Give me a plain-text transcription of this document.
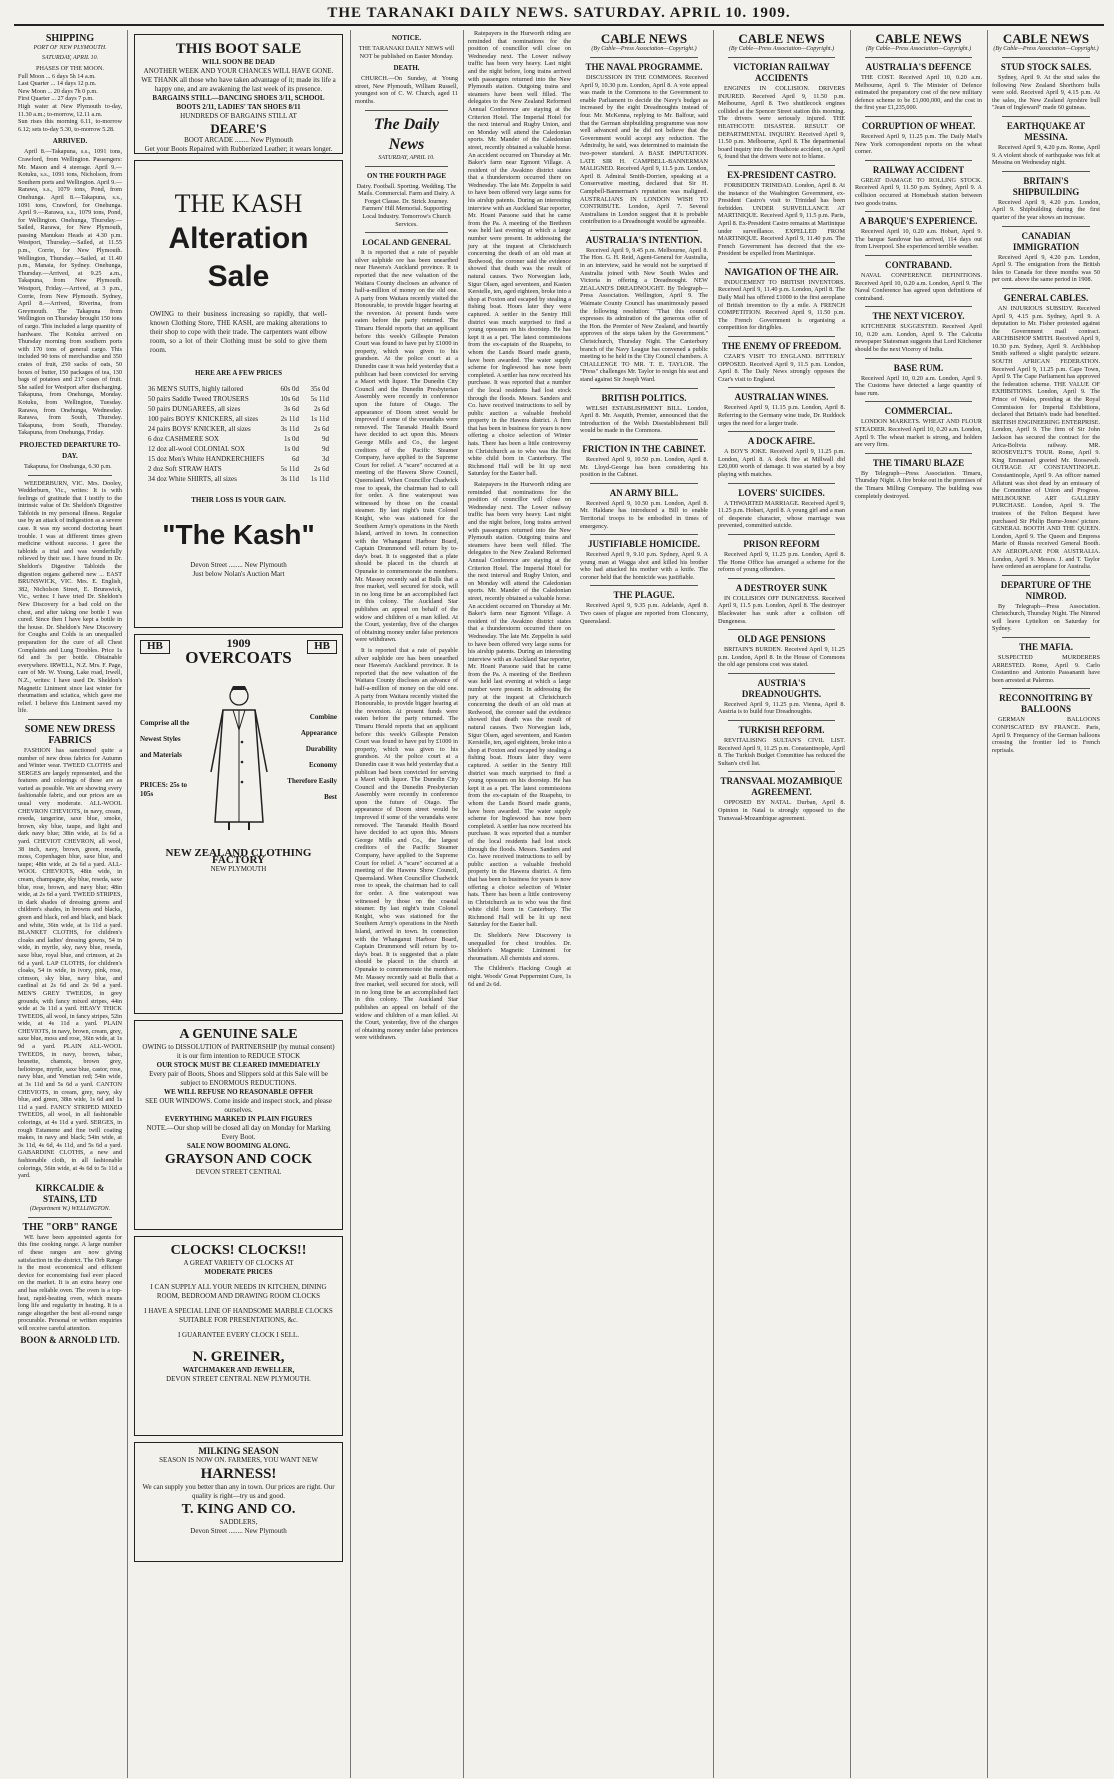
THE TARANAKI DAILY NEWS. SATURDAY. APRIL 10. 1909.
SHIPPING
PORT OF NEW PLYMOUTH.
SATURDAY, APRIL 10.
PHASES OF THE MOON.
Full Moon ... 6 days 5h 14 a.m.
Last Quarter ... 14 days 12 p.m.
New Moon ... 20 days 7h 0 p.m.
First Quarter ... 27 days 7 p.m.
High water at New Plymouth to-day, 11.30 a.m.; to-morrow, 12.11 a.m.
Sun rises this morning 6.11, to-morrow 6.12; sets to-day 5.30, to-morrow 5.28.
ARRIVED.

April 8.—Takapuna, s.s., 1091 tons, Crawford, from Wellington. Passengers: Mr. Mason and 4 steerage. April 9.—Kotuku, s.s., 1091 tons, Nicholson, from Southern ports and Wellington. April 9.—Rarawa, s.s., 1079 tons, Pond, from Onehunga. April 8.—Takapuna, s.s., 1091 tons, Crawford, for Onehunga. April 9.—Rarawa, s.s., 1079 tons, Pond, for Wellington. Onehunga, Thursday.—Sailed, Rarawa, for New Plymouth, passing Manukau Heads at 4.30 p.m. Westport, Thursday.—Sailed, at 11.55 p.m., Corrie, for New Plymouth. Wellington, Thursday.—Sailed, at 11.40 p.m., Manaia, for Sydney. Onehunga, Thursday.—Arrived, at 9.25 a.m., Takapuna, from New Plymouth. Westport, Friday.—Arrived, at 3 p.m., Corrie, from New Plymouth. Sydney, April 8.—Arrived, Riverina, from Greymouth. The Takapuna from Wellington on Thursday brought 150 tons of cargo. This included a large quantity of hardware. The Kotuku arrived on Thursday morning from southern ports with 170 tons of general cargo. This included 90 tons of merchandise and 350 crates of fruit, 250 sacks of oats, 50 boxes of butter, 150 packages of tea, 130 bags of potatoes and 217 cases of fruit. She sailed for Westport after discharging. Takapuna, from Onehunga, Monday. Kotuku, from Wellington, Tuesday. Rarawa, from Onehunga, Wednesday. Rarawa, from South, Thursday. Takapuna, from South, Thursday. Takapuna, from Onehunga, Friday.

PROJECTED DEPARTURE TO-DAY.

Takapuna, for Onehunga, 6.30 p.m.

WEEDERBURN, VIC. Mrs. Dooley, Wedderburn, Vic., writes: It is with feelings of gratitude that I testify to the intrinsic value of Dr. Sheldon's Digestive Tabloids in my personal illness. Regular use by an attack of indigestion as a severe case. It was my second doctoring heart trouble. I was at different times given medicine without success. I gave the tabloids a trial and was wonderfully relieved by their use. I have found in Dr. Sheldon's Digestive Tabloids the digestion organs gathered new ... EAST BRUNSWICK, VIC. Mrs. E. English, 382, Nicholson Street, E. Brunswick, Vic., writes: I have tried Dr. Sheldon's New Discovery for a bad cold on the chest, and after taking one bottle I was cured. Since then I have kept a bottle in the house. Dr. Sheldon's New Discovery for Coughs and Colds is an unequalled preparation for the cure of all Chest Complaints and Lung Troubles. Price 1s 6d and 3s per bottle. Obtainable everywhere. IRWELL, N.Z. Mrs. F. Page, care of Mr. W. Young, Lake road, Irwell, N.Z., writes: I have used Dr. Sheldon's Magnetic Liniment since last winter for rheumatism and sciatica, which gave me relief. I believe this Liniment saved my life.

SOME NEW DRESS FABRICS

FASHION has sanctioned quite a number of new dress fabrics for Autumn and Winter wear. TWEED CLOTHS and SERGES are largely represented, and the features and colorings of these are as varied as possible. We are showing every fashionable fabric, and our prices are as usual very moderate. ALL-WOOL CHEVRON CHEVIOTS, in navy, cream, reseda, tangerine, saxe blue, smoke, brown, sky blue, taupe, and light and dark navy blue; 38in wide, at 1s 6d a yard. CHEVIOT CHEVRON, all wool, 38 inch, navy, brown, green, reseda, moss, Copenhagen blue, saxe blue, and taupe; 48in wide, at 2s 6d a yard. ALL-WOOL CHEVIOTS, 48in wide, in cream, champagne, sky blue, reseda, saxe blue, rose, brown, and navy blue; 48in wide, at 2s 6d a yard. TWEED STRIPES, in dark shades of dressing greens and children's shades, in browns and blacks, green and black, red and black, and black and white, 36in wide, at 1s 11d a yard. BLANKET CLOTHS, for children's cloaks and ladies' dressing gowns, 54 in wide, in myrtle, sky, navy blue, reseda, saxe blue, royal blue, and crimson, at 2s 6d a yard. LAP CLOTHS, for children's cloaks, 54 in wide, in ivory, pink, rose, crimson, sky blue, navy blue, and cardinal at 2s 6d and 2s 9d a yard. MEN'S GREY TWEEDS, in grey grounds, with fancy mixed stripes, 44in wide at 3s 11d a yard. HEAVY THICK TWEEDS, all wool, in fancy stripes, 52in wide, at 4s 11d a yard. PLAIN CHEVIOTS, in navy, brown, cream, grey, saxe blue, moss and rose, 36in wide, at 1s 9d a yard. PLAIN ALL-WOOL TWEEDS, in navy, brown, tabac, brunette, chamois, brown grey, heliotrope, myrtle, saxe blue, castor, rose, navy blue, and Venetian red; 54in wide, at 3s 11d and 5s 6d a yard. CANTON CHEVIOTS, in cream, grey, navy, sky blue, and green, 38in wide, 1s 6d and 1s 11d a yard. FANCY STRIPED MIXED TWEEDS, all wool, in all fashionable colorings, at 4s 11d a yard. SERGES, in rough Estamene and fine twill coating makes, in navy and black; 54in wide, at 3s 11d, 4s 6d, 4s 11d, and 5s 6d a yard. GABARDINE CLOTHS, a new and fashionable cloth, in all fashionable colorings, 56in wide, at 4s 6d to 5s 11d a yard.

KIRKCALDIE & STAINS, LTD
(Department W.) WELLINGTON.
THE "ORB" RANGE

WE have been appointed agents for this fine cooking range. A large number of these ranges are now giving satisfaction in the district. The Orb Range is the most economical and efficient device for economising fuel ever placed on the market. It is an extra heavy one and has reliable oven. The oven is a top-heat, rapid-heating oven, which means long life and regularity in heating. It is a range altogether the best all-round range procurable. Personal or written enquiries will receive careful attention.

BOON & ARNOLD LTD.
THIS BOOT SALE
WILL SOON BE DEAD
ANOTHER WEEK AND YOUR CHANCES WILL HAVE GONE.
WE THANK all those who have taken advantage of it; made its life a happy one, and are awakening the last week of its presence.
BARGAINS STILL—DANCING SHOES 3/11, SCHOOL BOOTS 2/11, LADIES' TAN SHOES 8/11
HUNDREDS OF BARGAINS STILL AT
DEARE'S
BOOT ARCADE ........ New Plymouth
Get your Boots Repaired with Rubberized Leather; it wears longer.
THE KASH
Alteration Sale
OWING to their business increasing so rapidly, that well-known Clothing Store, THE KASH, are making alterations to their shop to cope with their trade. The carpenters want elbow room, so a lot of their Clothing must be sold to give them room.
HERE ARE A FEW PRICES
36 MEN'S SUITS, highly tailored	60s 0d	35s 0d
50 pairs Saddle Tweed TROUSERS	10s 6d	5s 11d
50 pairs DUNGAREES, all sizes	3s 6d	2s 6d
100 pairs BOYS' KNICKERS, all sizes	2s 11d	1s 11d
24 pairs BOYS' KNICKER, all sizes	3s 11d	2s 6d
6 doz CASHMERE SOX	1s 0d	9d
12 doz all-wool COLONIAL SOX	1s 0d	9d
15 doz Men's White HANDKERCHIEFS	6d	3d
2 doz Soft STRAW HATS	5s 11d	2s 6d
34 doz White SHIRTS, all sizes	3s 11d	1s 11d
THEIR LOSS IS YOUR GAIN.
"The Kash"
Devon Street ........ New Plymouth
Just below Nolan's Auction Mart
HB	1909
OVERCOATS
HB
Comprise all the Newest Styles and Materials
PRICES: 25s to 105s
Combine Appearance Durability Economy Therefore Easily Best
NEW ZEALAND CLOTHING FACTORY
NEW PLYMOUTH
A GENUINE SALE
OWING to DISSOLUTION of PARTNERSHIP (by mutual consent) it is our firm intention to REDUCE STOCK
OUR STOCK MUST BE CLEARED IMMEDIATELY
Every pair of Boots, Shoes and Slippers sold at this Sale will be subject to ENORMOUS REDUCTIONS.
WE WILL REFUSE NO REASONABLE OFFER
SEE OUR WINDOWS. Come inside and inspect stock, and please ourselves.
EVERYTHING MARKED IN PLAIN FIGURES
NOTE.—Our shop will be closed all day on Monday for Marking Every Boot.
SALE NOW BOOMING ALONG.
GRAYSON AND COCK
DEVON STREET CENTRAL
CLOCKS! CLOCKS!!
A GREAT VARIETY OF CLOCKS AT
MODERATE PRICES
I CAN SUPPLY ALL YOUR NEEDS IN KITCHEN, DINING ROOM, BEDROOM AND DRAWING ROOM CLOCKS
I HAVE A SPECIAL LINE OF HANDSOME MARBLE CLOCKS SUITABLE FOR PRESENTATIONS, &c.
I GUARANTEE EVERY CLOCK I SELL.
N. GREINER,
WATCHMAKER AND JEWELLER,
DEVON STREET CENTRAL NEW PLYMOUTH.
MILKING SEASON
SEASON IS NOW ON. FARMERS, YOU WANT NEW
HARNESS!
We can supply you better than any in town. Our prices are right. Our quality is right—try us and good.
T. KING AND CO.
SADDLERS,
Devon Street ........ New Plymouth
NOTICE.

THE TARANAKI DAILY NEWS will NOT be published on Easter Monday.

DEATH.

CHURCH.—On Sunday, at Young street, New Plymouth, William Russell, youngest son of C. W. Church, aged 11 months.

The Daily News
SATURDAY, APRIL 10.
ON THE FOURTH PAGE

Dairy. Football. Sporting. Wedding. The Mails. Commercial. Farm and Dairy. A Forget Clause. Dr. Strick Journey. Farmers' Hill Memorial. Supporting Local Industry. Tomorrow's Church Services.

LOCAL AND GENERAL

It is reported that a rate of payable silver sulphide ore has been unearthed near Hawera's Auckland province. It is reported that the new valuation of the Waitara County discloses an advance of half-a-million of money on the old one. A party from Waitara recently visited the Honourable, to provide bigger hearing at the reversion. At present funds were eaten before the party returned. The Timaru Herald reports that an applicant before this week's Gillespie Pension Court was found to have put by £1000 in property, which was given to his grandson. At the police court at a Dunedin case it was held yesterday that a publican had been convicted for serving a Maori with liquor. The Dunedin City Council and the Dunedin Presbyterian Assembly were recently in conference upon the future of Otago. The appearance of Doom street would be improved if some of the verandahs were removed. The Taranaki Health Board have decided to act upon this. Messrs George Mills and Co., the largest creditors of the Pacific Steamer Company, have applied to the Supreme Court for relief. A "scare" occurred at a meeting of the Hawera Show Council, Queensland. When Councillor Chadwick rose to speak, the chairman had to call for order. A fine waterspout was witnessed by those on the coastal steamer. By last night's train Colonel Knight, who was stationed for the Southern Army's operations in the North Island, arrived in town. In connection with the Whanganui Harbour Board, Captain Drummond will return by to-day's boat. It is suggested that a plate should be placed in the church at Opunake to commemorate the members. Mr. Massey recently said at Bulls that a free market, well secured for stock, will in no long time be an accomplished fact in this colony. The Auckland Star publishes an appeal on behalf of the widow and children of a man killed. At the Court, yesterday, five of the charges of obtaining money under false pretences were withdrawn.

It is reported that a rate of payable silver sulphide ore has been unearthed near Hawera's Auckland province. It is reported that the new valuation of the Waitara County discloses an advance of half-a-million of money on the old one. A party from Waitara recently visited the Honourable, to provide bigger hearing at the reversion. At present funds were eaten before the party returned. The Timaru Herald reports that an applicant before this week's Gillespie Pension Court was found to have put by £1000 in property, which was given to his grandson. At the police court at a Dunedin case it was held yesterday that a publican had been convicted for serving a Maori with liquor. The Dunedin City Council and the Dunedin Presbyterian Assembly were recently in conference upon the future of Otago. The appearance of Doom street would be improved if some of the verandahs were removed. The Taranaki Health Board have decided to act upon this. Messrs George Mills and Co., the largest creditors of the Pacific Steamer Company, have applied to the Supreme Court for relief. A "scare" occurred at a meeting of the Hawera Show Council, Queensland. When Councillor Chadwick rose to speak, the chairman had to call for order. A fine waterspout was witnessed by those on the coastal steamer. By last night's train Colonel Knight, who was stationed for the Southern Army's operations in the North Island, arrived in town. In connection with the Whanganui Harbour Board, Captain Drummond will return by to-day's boat. It is suggested that a plate should be placed in the church at Opunake to commemorate the members. Mr. Massey recently said at Bulls that a free market, well secured for stock, will in no long time be an accomplished fact in this colony. The Auckland Star publishes an appeal on behalf of the widow and children of a man killed. At the Court, yesterday, five of the charges of obtaining money under false pretences were withdrawn.

Ratepayers in the Hurworth riding are reminded that nominations for the position of councillor will close on Wednesday next. The Lower railway traffic has been very heavy. Last night and the night before, long trains arrived with passengers returned into the New Plymouth station. Outgoing trains and steamers have been well filled. The delegates to the New Zealand Reformed Annual Conference are staying at the Criterion Hotel. The Imperial Hotel for the next interval and Rugby Union, and on Monday will attend the Caledonian sports. Mr. Mander of the Caledonian street, recently obtained a valuable horse. An accident occurred on Thursday at Mr. Baker's farm near Egmont Village. A resident of the Awakino district states that a thunderstorm occurred there on Wednesday. The late Mr. Zeppelin is said to have been offered very large sums for his airship patents. During an interesting interview with an Auckland Star reporter, Mr. Hoani Paraone said that he came from the Pa. A meeting of the Brethren was held last evening at which a large number were present. In addressing the jury at the inquest at Christchurch concerning the death of an old man at Redwood, the coroner said the evidence showed that death was the result of natural causes. Two Norwegian lads, Sigur Olsen, aged seventeen, and Kasten Kerstelle, ten, aged eighteen, broke into a shop at Foxton and escaped by stealing a fishing boat. Hours later they were captured. A settler in the Sentry Hill district was much surprised to find a young opossum on his doorstep. He has kept it as a pet. The latest commissions from the ex-captain of the Ruapehu, to whom the Lands Board made grants, have been awarded. The water supply scheme for Inglewood has now been completed. A settler has now received his purchase. It was reported that a number of the local residents had lost stock through the floods. Messrs. Sanders and Co. have received instructions to sell by public auction a valuable freehold property in the Hawera district. A firm that has been in business for years is now offering a choice selection of Winter hats. There has been a little controversy in Christchurch as to who was the first white child born in Canterbury. The Richmond Hall will be lit up next Saturday for the Easter ball.

Ratepayers in the Hurworth riding are reminded that nominations for the position of councillor will close on Wednesday next. The Lower railway traffic has been very heavy. Last night and the night before, long trains arrived with passengers returned into the New Plymouth station. Outgoing trains and steamers have been well filled. The delegates to the New Zealand Reformed Annual Conference are staying at the Criterion Hotel. The Imperial Hotel for the next interval and Rugby Union, and on Monday will attend the Caledonian sports. Mr. Mander of the Caledonian street, recently obtained a valuable horse. An accident occurred on Thursday at Mr. Baker's farm near Egmont Village. A resident of the Awakino district states that a thunderstorm occurred there on Wednesday. The late Mr. Zeppelin is said to have been offered very large sums for his airship patents. During an interesting interview with an Auckland Star reporter, Mr. Hoani Paraone said that he came from the Pa. A meeting of the Brethren was held last evening at which a large number were present. In addressing the jury at the inquest at Christchurch concerning the death of an old man at Redwood, the coroner said the evidence showed that death was the result of natural causes. Two Norwegian lads, Sigur Olsen, aged seventeen, and Kasten Kerstelle, ten, aged eighteen, broke into a shop at Foxton and escaped by stealing a fishing boat. Hours later they were captured. A settler in the Sentry Hill district was much surprised to find a young opossum on his doorstep. He has kept it as a pet. The latest commissions from the ex-captain of the Ruapehu, to whom the Lands Board made grants, have been awarded. The water supply scheme for Inglewood has now been completed. A settler has now received his purchase. It was reported that a number of the local residents had lost stock through the floods. Messrs. Sanders and Co. have received instructions to sell by public auction a valuable freehold property in the Hawera district. A firm that has been in business for years is now offering a choice selection of Winter hats. There has been a little controversy in Christchurch as to who was the first white child born in Canterbury. The Richmond Hall will be lit up next Saturday for the Easter ball.

Dr. Sheldon's New Discovery is unequalled for chest troubles. Dr. Sheldon's Magnetic Liniment for rheumatism. All chemists and stores.

The Children's Hacking Cough at night. Woods' Great Peppermint Cure, 1s 6d and 2s 6d.

CABLE NEWS
(By Cable—Press Association—Copyright.)
THE NAVAL PROGRAMME.

DISCUSSION IN THE COMMONS. Received April 9, 10.30 p.m. London, April 8. A vote appeal was made in the Commons to the Government to enable Parliament to decide the Navy's budget as increased by the eight Dreadnoughts instead of four. Mr. McKenna, replying to Mr. Balfour, said that the German shipbuilding programme was now well advanced and he did not believe that the Government would accept any reduction. The Admiralty, he said, was determined to maintain the two-power standard. A BASE IMPUTATION. LATE SIR H. CAMPBELL-BANNERMAN MALIGNED. Received April 9, 11.5 p.m. London, April 8. Admiral Smith-Dorrien, speaking at a Conservative meeting, declared that Sir H. Campbell-Bannerman's reputation was maligned. AUSTRALIANS IN LONDON WISH TO CONTRIBUTE. London, April 7. Several Australians in London suggest that it is probable contribution to a Dreadnought would be agreeable.

AUSTRALIA'S INTENTION.

Received April 9, 9.45 p.m. Melbourne, April 8. The Hon. G. H. Reid, Agent-General for Australia, in an interview, said he would not be surprised if Australia joined with New South Wales and Victoria in offering a Dreadnought. NEW ZEALAND'S DREADNOUGHT. By Telegraph—Press Association. Wellington, April 9. The Waimate County Council has unanimously passed the following resolution: "That this council expresses its admiration of the generous offer of the Hon. the Premier of New Zealand, and heartily approves of the steps taken by the Government." Christchurch, Thursday Night. The Canterbury branch of the Navy League has convened a public meeting to be held in the City Council chambers. A CHALLENGE TO MR. T. E. TAYLOR. The "Press" challenges Mr. Taylor to resign his seat and stand against Sir Joseph Ward.

BRITISH POLITICS.

WELSH ESTABLISHMENT BILL. London, April 8. Mr. Asquith, Premier, announced that the introduction of the Welsh Disestablishment Bill would be made in the Commons.

FRICTION IN THE CABINET.

Received April 9, 10.50 p.m. London, April 8. Mr. Lloyd-George has been considering his position in the Cabinet.

AN ARMY BILL.

Received April 9, 10.50 p.m. London, April 8. Mr. Haldane has introduced a Bill to enable Territorial troops to be embodied in times of emergency.

JUSTIFIABLE HOMICIDE.

Received April 9, 9.10 p.m. Sydney, April 9. A young man at Wagga shot and killed his brother who had attacked his mother with a knife. The coroner held that the homicide was justifiable.

THE PLAGUE.

Received April 9, 9.35 p.m. Adelaide, April 8. Two cases of plague are reported from Cloncurry, Queensland.

CABLE NEWS
(By Cable—Press Association—Copyright.)
VICTORIAN RAILWAY ACCIDENTS

ENGINES IN COLLISION. DRIVERS INJURED. Received April 9, 11.50 p.m. Melbourne, April 8. Two shuttlecock engines collided at the Spencer Street station this morning. The drivers were seriously injured. THE HEATHCOTE DISASTER. RESULT OF DEPARTMENTAL INQUIRY. Received April 9, 11.50 p.m. Melbourne, April 8. The departmental board inquiry into the Heathcote accident, on April 6, found that the drivers were not to blame.

EX-PRESIDENT CASTRO.

FORBIDDEN TRINIDAD. London, April 8. At the instance of the Washington Government, ex-President Castro's visit to Trinidad has been forbidden. UNDER SURVEILLANCE AT MARTINIQUE. Received April 9, 11.5 p.m. Paris, April 8. Ex-President Castro remains at Martinique under surveillance. EXPELLED FROM MARTINIQUE. Received April 9, 11.40 p.m. The French Government has decreed that the ex-President be expelled from Martinique.

NAVIGATION OF THE AIR.

INDUCEMENT TO BRITISH INVENTORS. Received April 9, 11.40 p.m. London, April 8. The Daily Mail has offered £1000 to the first aeroplane of British invention to fly a mile. A FRENCH COMPETITION. Received April 9, 11.50 p.m. The French Government is organising a competition for dirigibles.

THE ENEMY OF FREEDOM.

CZAR'S VISIT TO ENGLAND. BITTERLY OPPOSED. Received April 9, 11.5 p.m. London, April 8. The Daily News strongly opposes the Czar's visit to England.

AUSTRALIAN WINES.

Received April 9, 11.15 p.m. London, April 8. Referring to the Germany wine trade, Dr. Ruddock urges the need for a larger trade.

A DOCK AFIRE.

A BOY'S JOKE. Received April 9, 11.25 p.m. London, April 8. A dock fire at Millwall did £20,000 worth of damage. It was started by a boy playing with matches.

LOVERS' SUICIDES.

A THWARTED MARRIAGE. Received April 9, 11.25 p.m. Hobart, April 8. A young girl and a man of desperate character, whose marriage was prevented, committed suicide.

PRISON REFORM

Received April 9, 11.25 p.m. London, April 8. The Home Office has arranged a scheme for the reform of young offenders.

A DESTROYER SUNK

IN COLLISION OFF DUNGENESS. Received April 9, 11.5 p.m. London, April 8. The destroyer Blackwater has sunk after a collision off Dungeness.

OLD AGE PENSIONS

BRITAIN'S BURDEN. Received April 9, 11.25 p.m. London, April 8. In the House of Commons the old age pensions cost was stated.

AUSTRIA'S DREADNOUGHTS.

Received April 9, 11.25 p.m. Vienna, April 8. Austria is to build four Dreadnoughts.

TURKISH REFORM.

REVITALISING SULTAN'S CIVIL LIST. Received April 9, 11.25 p.m. Constantinople, April 8. The Turkish Budget Committee has reduced the Sultan's civil list.

TRANSVAAL MOZAMBIQUE AGREEMENT.

OPPOSED BY NATAL. Durban, April 8. Opinion in Natal is strongly opposed to the Transvaal-Mozambique agreement.

CABLE NEWS
(By Cable—Press Association—Copyright.)
AUSTRALIA'S DEFENCE

THE COST. Received April 10, 0.20 a.m. Melbourne, April 9. The Minister of Defence estimated the preparatory cost of the new military defence scheme to be £1,000,000, and the cost in the first year £1,235,000.

CORRUPTION OF WHEAT.

Received April 9, 11.25 p.m. The Daily Mail's New York correspondent reports on the wheat corner.

RAILWAY ACCIDENT

GREAT DAMAGE TO ROLLING STOCK. Received April 9, 11.50 p.m. Sydney, April 9. A collision occurred at Homebush station between two goods trains.

A BARQUE'S EXPERIENCE.

Received April 10, 0.20 a.m. Hobart, April 9. The barque Sandovar has arrived, 114 days out from Liverpool. She experienced terrible weather.

CONTRABAND.

NAVAL CONFERENCE DEFINITIONS. Received April 10, 0.20 a.m. London, April 9. The Naval Conference has agreed upon definitions of contraband.

THE NEXT VICEROY.

KITCHENER SUGGESTED. Received April 10, 0.20 a.m. London, April 9. The Calcutta newspaper Statesman suggests that Lord Kitchener should be the next Viceroy of India.

BASE RUM.

Received April 10, 0.20 a.m. London, April 9. The Customs have detected a large quantity of base rum.

COMMERCIAL.

LONDON MARKETS. WHEAT AND FLOUR STEADIER. Received April 10, 0.20 a.m. London, April 9. The wheat market is strong, and holders are very firm.

THE TIMARU BLAZE

By Telegraph—Press Association. Timaru, Thursday Night. A fire broke out in the premises of the Timaru Milling Company. The building was completely destroyed.

CABLE NEWS
(By Cable—Press Association—Copyright.)
STUD STOCK SALES.

Sydney, April 9. At the stud sales the following New Zealand Shorthorn bulls were sold. Received April 9, 4.15 p.m. At the sales, the New Zealand Ayrshire bull "Jean of Ingleward" made 60 guineas.

EARTHQUAKE AT MESSINA.

Received April 9, 4.20 p.m. Rome, April 9. A violent shock of earthquake was felt at Messina on Wednesday night.

BRITAIN'S SHIPBUILDING

Received April 9, 4.20 p.m. London, April 9. Shipbuilding during the first quarter of the year shows an increase.

CANADIAN IMMIGRATION

Received April 9, 4.20 p.m. London, April 9. The emigration from the British Isles to Canada for three months was 50 per cent. above the same period in 1908.

GENERAL CABLES.

AN INJURIOUS SUBSIDY. Received April 9, 4.15 p.m. Sydney, April 9. A deputation to Mr. Fisher protested against the Government mail contract. ARCHBISHOP SMITH. Received April 9, 10.30 p.m. Sydney, April 9. Archbishop Smith suffered a slight paralytic seizure. SOUTH AFRICAN FEDERATION. Received April 9, 11.25 p.m. Cape Town, April 9. The Cape Parliament has approved the federation scheme. THE VALUE OF EXHIBITIONS. London, April 9. The Prince of Wales, presiding at the Royal Commission for Imperial Exhibitions, declared that Britain's trade had benefited. BRITISH ENGINEERING ENTERPRISE. London, April 9. The firm of Sir John Jackson has secured the contract for the Arica-Bolivia railway. MR. ROOSEVELT'S TOUR. Rome, April 9. King Emmanuel greeted Mr. Roosevelt. OUTRAGE AT CONSTANTINOPLE. Constantinople, April 9. An officer named Aflatuni was shot dead by an emissary of the Committee of Union and Progress. MELBOURNE ART GALLERY PURCHASE. London, April 9. The trustees of the Felton Bequest have purchased Sir Philip Burne-Jones' picture. GENERAL BOOTH AND THE QUEEN. London, April 9. The Queen and Empress Marie of Russia received General Booth. AN AEROPLANE FOR AUSTRALIA. London, April 9. Messrs. J. and T. Taylor have ordered an aeroplane for Australia.

DEPARTURE OF THE NIMROD.

By Telegraph—Press Association. Christchurch, Thursday Night. The Nimrod will leave Lyttelton on Saturday for Sydney.

THE MAFIA.

SUSPECTED MURDERERS ARRESTED. Rome, April 9. Carlo Costantino and Antonio Passananti have been arrested at Palermo.

RECONNOITRING BY BALLOONS

GERMAN BALLOONS CONFISCATED BY FRANCE. Paris, April 9. Frequency of the German balloons crossing the frontier led to French reprisals.
